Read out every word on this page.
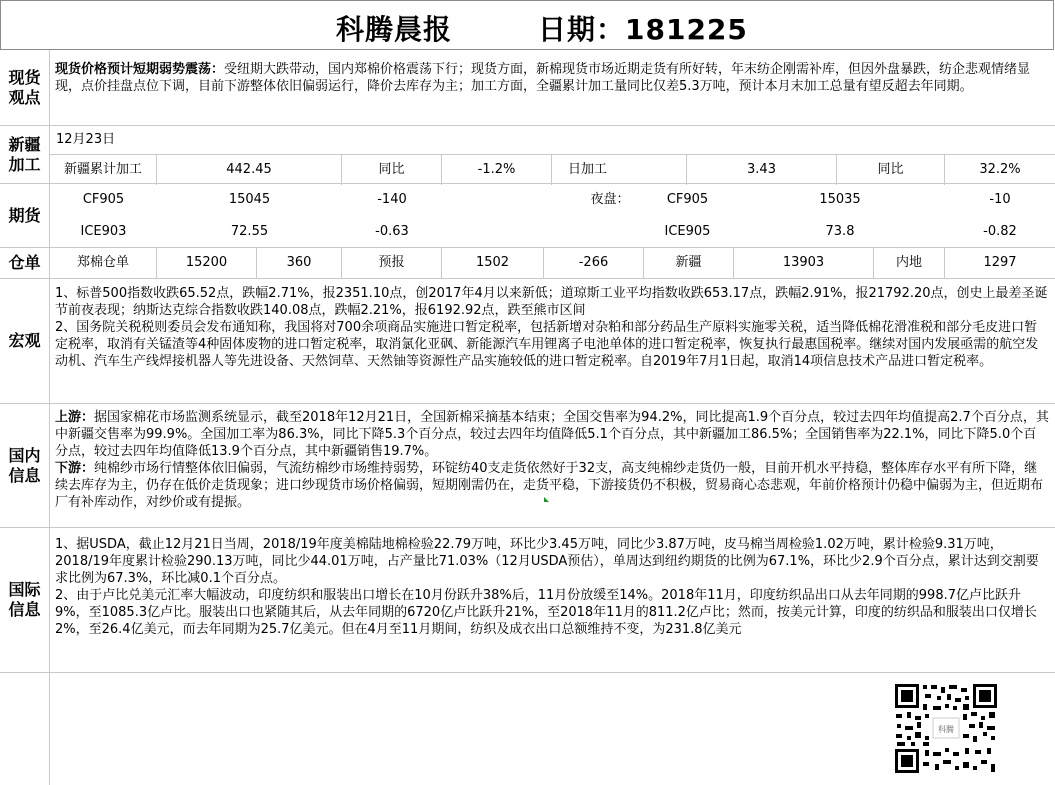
科腾晨报	日期：181225
现货观点
现货价格预计短期弱势震荡：受纽期大跌带动，国内郑棉价格震荡下行；现货方面，新棉现货市场近期走货有所好转，年末纺企刚需补库，但因外盘暴跌，纺企悲观情绪显现，点价挂盘点位下调，目前下游整体依旧偏弱运行，降价去库存为主；加工方面，全疆累计加工量同比仅差5.3万吨，预计本月末加工总量有望反超去年同期。
新疆加工
12月23日
新疆累计加工	442.45	同比	-1.2%	日加工	3.43	同比	32.2%
期货
CF905	15045	-140	夜盘：	CF905	15035	-10
ICE903	72.55	-0.63	ICE905	73.8	-0.82
仓单	郑棉仓单	15200	360	预报	1502	-266	新疆	13903	内地	1297
宏观
1、标普500指数收跌65.52点，跌幅2.71%，报2351.10点，创2017年4月以来新低；道琼斯工业平均指数收跌653.17点，跌幅2.91%，报21792.20点，创史上最差圣诞节前夜表现；纳斯达克综合指数收跌140.08点，跌幅2.21%，报6192.92点，跌至熊市区间
2、国务院关税税则委员会发布通知称，我国将对700余项商品实施进口暂定税率，包括新增对杂粕和部分药品生产原料实施零关税，适当降低棉花滑准税和部分毛皮进口暂定税率，取消有关锰渣等4种固体废物的进口暂定税率，取消氯化亚砜、新能源汽车用锂离子电池单体的进口暂定税率，恢复执行最惠国税率。继续对国内发展亟需的航空发动机、汽车生产线焊接机器人等先进设备、天然饲草、天然铀等资源性产品实施较低的进口暂定税率。自2019年7月1日起，取消14项信息技术产品进口暂定税率。
国内信息
上游：据国家棉花市场监测系统显示，截至2018年12月21日，全国新棉采摘基本结束；全国交售率为94.2%，同比提高1.9个百分点，较过去四年均值提高2.7个百分点，其中新疆交售率为99.9%。全国加工率为86.3%，同比下降5.3个百分点，较过去四年均值降低5.1个百分点，其中新疆加工86.5%；全国销售率为22.1%，同比下降5.0个百分点，较过去四年均值降低13.9个百分点，其中新疆销售19.7%。
下游：纯棉纱市场行情整体依旧偏弱，气流纺棉纱市场维持弱势，环锭纺40支走货依然好于32支，高支纯棉纱走货仍一般，目前开机水平持稳，整体库存水平有所下降，继续去库存为主，仍存在低价走货现象；进口纱现货市场价格偏弱，短期刚需仍在，走货平稳，下游接货仍不积极，贸易商心态悲观，年前价格预计仍稳中偏弱为主，但近期布厂有补库动作，对纱价或有提振。
国际信息
1、据USDA，截止12月21日当周，2018/19年度美棉陆地棉检验22.79万吨，环比少3.45万吨，同比少3.87万吨，皮马棉当周检验1.02万吨，累计检验9.31万吨，2018/19年度累计检验290.13万吨，同比少44.01万吨，占产量比71.03%（12月USDA预估），单周达到纽约期货的比例为67.1%，环比少2.9个百分点，累计达到交割要求比例为67.3%，环比减0.1个百分点。
2、由于卢比兑美元汇率大幅波动，印度纺织和服装出口增长在10月份跃升38%后，11月份放缓至14%。2018年11月，印度纺织品出口从去年同期的998.7亿卢比跃升9%，至1085.3亿卢比。服装出口也紧随其后，从去年同期的6720亿卢比跃升21%，至2018年11月的811.2亿卢比；然而，按美元计算，印度的纺织品和服装出口仅增长2%，至26.4亿美元，而去年同期为25.7亿美元。但在4月至11月期间，纺织及成衣出口总额维持不变，为231.8亿美元
科腾
